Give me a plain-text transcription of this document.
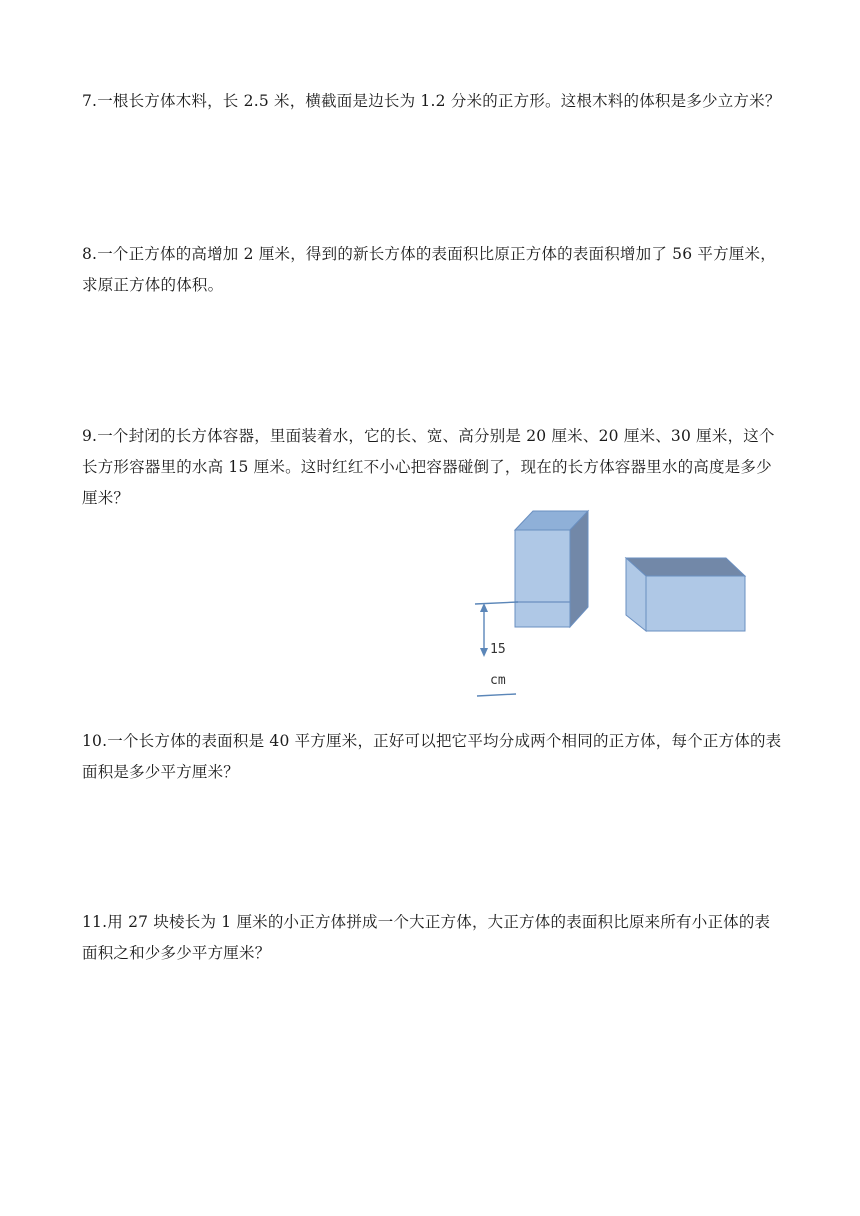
7.一根长方体木料，长 2.5 米，横截面是边长为 1.2 分米的正方形。这根木料的体积是多少立方米？

8.一个正方体的高增加 2 厘米，得到的新长方体的表面积比原正方体的表面积增加了 56 平方厘米，求原正方体的体积。

9.一个封闭的长方体容器，里面装着水，它的长、宽、高分别是 20 厘米、20 厘米、30 厘米，这个长方形容器里的水高 15 厘米。这时红红不小心把容器碰倒了，现在的长方体容器里水的高度是多少厘米？

15
cm

10.一个长方体的表面积是 40 平方厘米，正好可以把它平均分成两个相同的正方体，每个正方体的表面积是多少平方厘米？

11.用 27 块棱长为 1 厘米的小正方体拼成一个大正方体，大正方体的表面积比原来所有小正体的表面积之和少多少平方厘米？
